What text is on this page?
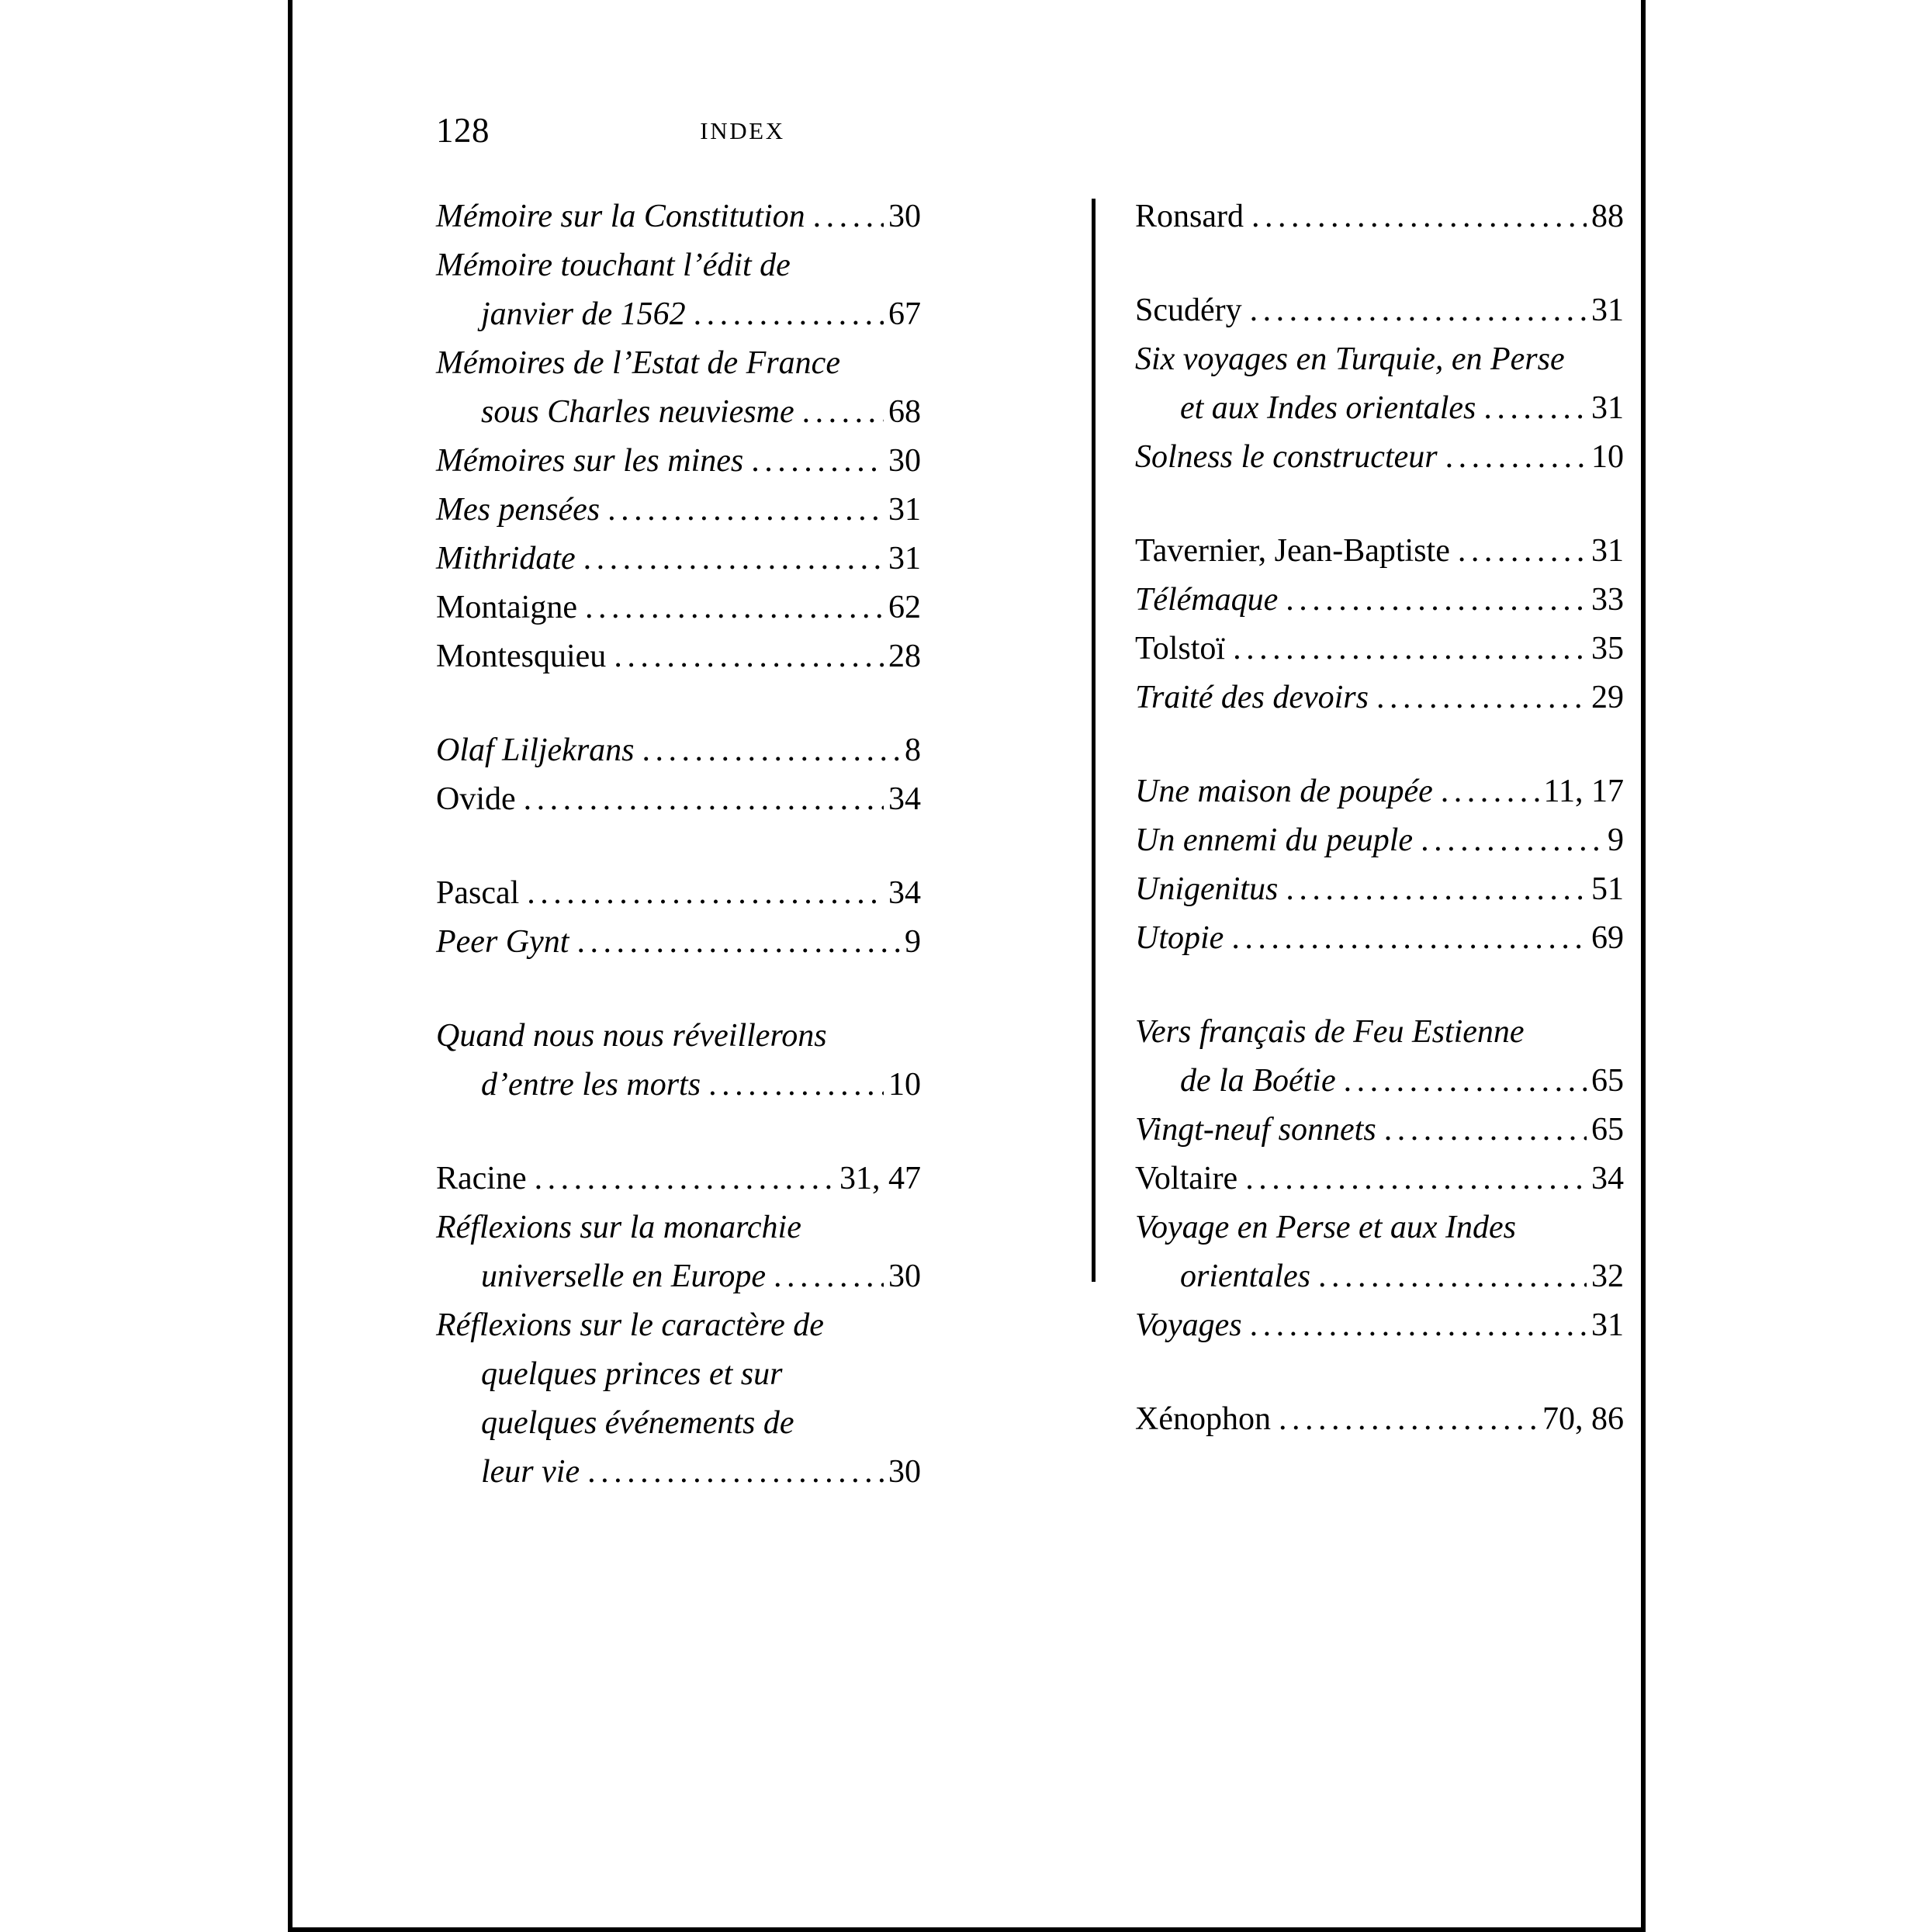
128	INDEX
Mémoire sur la Constitution .....	30
Mémoire touchant l’édit de
janvier de 1562 .....	67
Mémoires de l’Estat de France
sous Charles neuviesme .....	68
Mémoires sur les mines .....	30
Mes pensées .....	31
Mithridate .....	31
Montaigne .....	62
Montesquieu .....	28
Olaf Liljekrans .....	8
Ovide .....	34
Pascal .....	34
Peer Gynt .....	9
Quand nous nous réveillerons
d’entre les morts .....	10
Racine .....	31, 47
Réflexions sur la monarchie
universelle en Europe .....	30
Réflexions sur le caractère de
quelques princes et sur
quelques événements de
leur vie .....	30
Ronsard .....	88
Scudéry .....	31
Six voyages en Turquie, en Perse
et aux Indes orientales .....	31
Solness le constructeur .....	10
Tavernier, Jean-Baptiste .....	31
Télémaque .....	33
Tolstoï .....	35
Traité des devoirs .....	29
Une maison de poupée .....	11, 17
Un ennemi du peuple .....	9
Unigenitus .....	51
Utopie .....	69
Vers français de Feu Estienne
de la Boétie .....	65
Vingt-neuf sonnets .....	65
Voltaire .....	34
Voyage en Perse et aux Indes
orientales .....	32
Voyages .....	31
Xénophon .....	70, 86
